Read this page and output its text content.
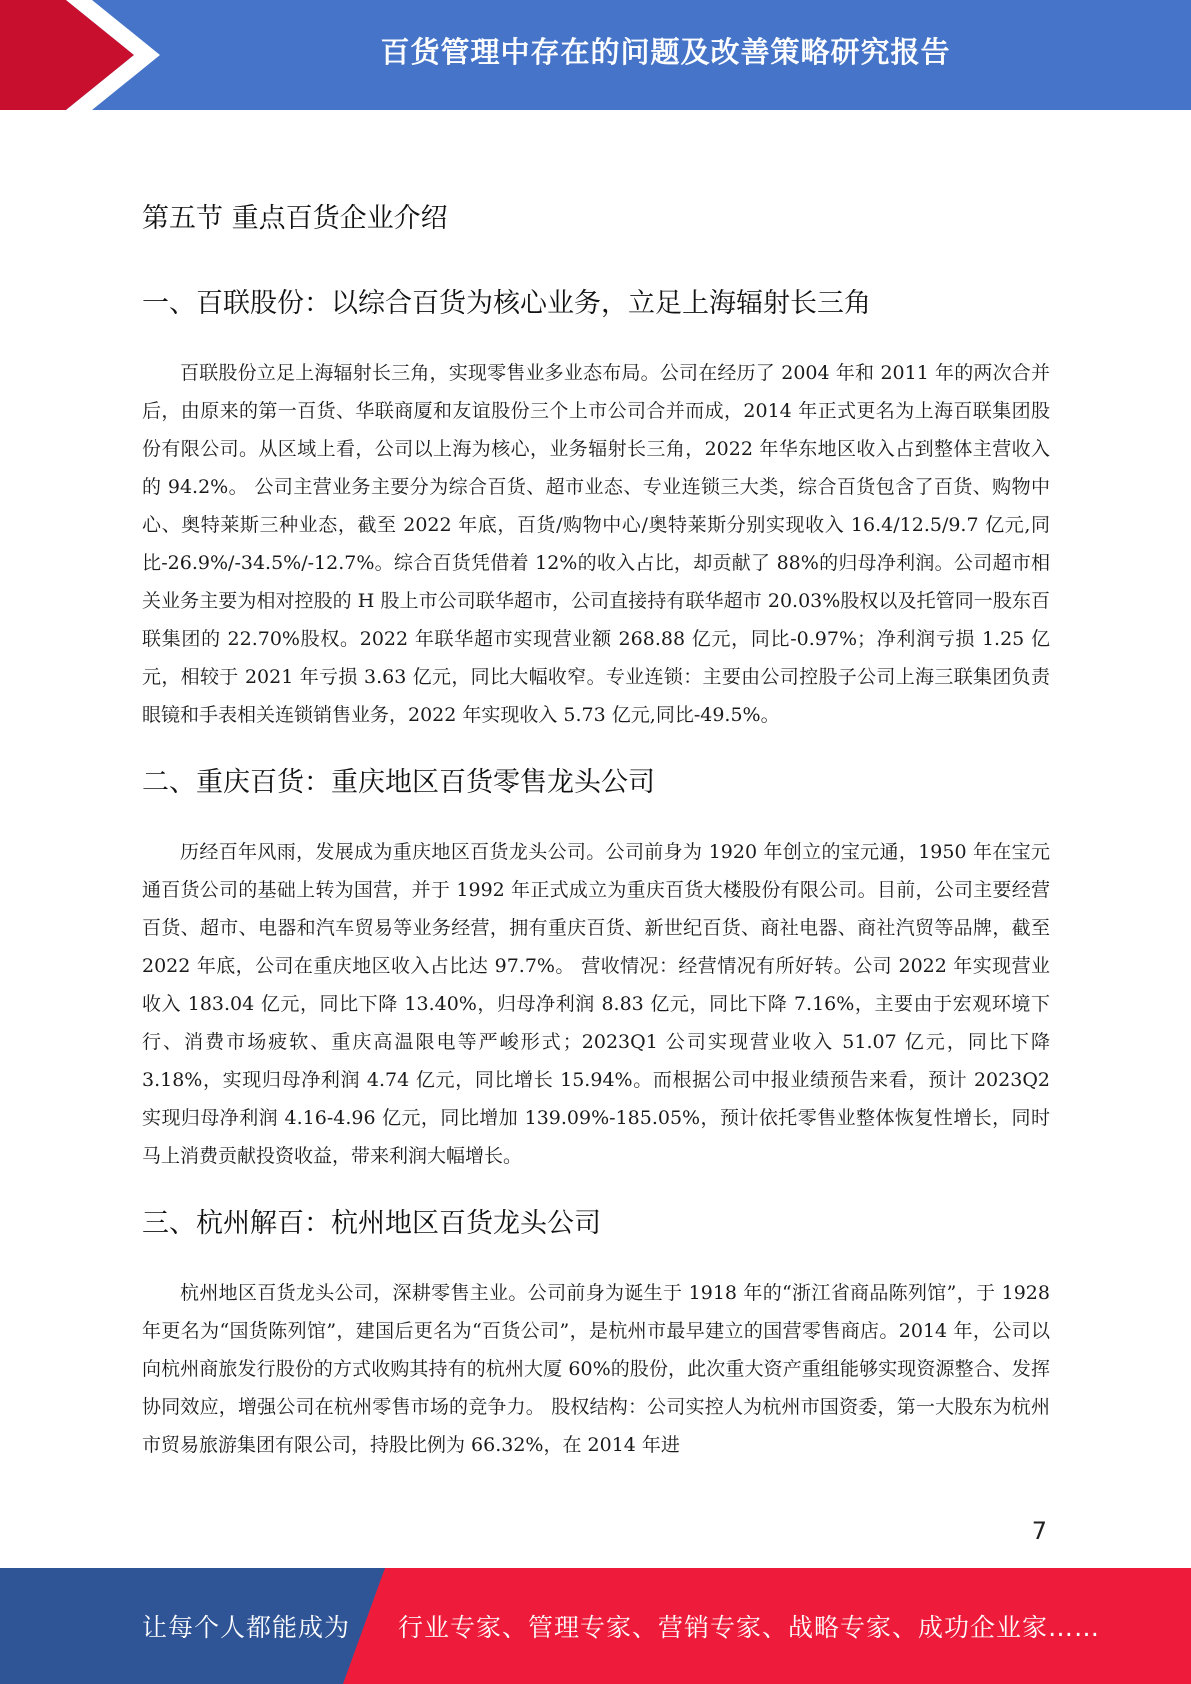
百货管理中存在的问题及改善策略研究报告
第五节 重点百货企业介绍
一、百联股份：以综合百货为核心业务，立足上海辐射长三角

百联股份立足上海辐射长三角，实现零售业多业态布局。公司在经历了 2004 年和 2011 年的两次合并后，由原来的第一百货、华联商厦和友谊股份三个上市公司合并而成，2014 年正式更名为上海百联集团股份有限公司。从区域上看，公司以上海为核心，业务辐射长三角，2022 年华东地区收入占到整体主营收入的 94.2%。 公司主营业务主要分为综合百货、超市业态、专业连锁三大类，综合百货包含了百货、购物中心、奥特莱斯三种业态，截至 2022 年底，百货/购物中心/奥特莱斯分别实现收入 16.4/12.5/9.7 亿元,同比-26.9%/-34.5%/-12.7%。综合百货凭借着 12%的收入占比，却贡献了 88%的归母净利润。公司超市相关业务主要为相对控股的 H 股上市公司联华超市，公司直接持有联华超市 20.03%股权以及托管同一股东百联集团的 22.70%股权。2022 年联华超市实现营业额 268.88 亿元，同比-0.97%；净利润亏损 1.25 亿元，相较于 2021 年亏损 3.63 亿元，同比大幅收窄。专业连锁：主要由公司控股子公司上海三联集团负责眼镜和手表相关连锁销售业务，2022 年实现收入 5.73 亿元,同比-49.5%。

二、重庆百货：重庆地区百货零售龙头公司

历经百年风雨，发展成为重庆地区百货龙头公司。公司前身为 1920 年创立的宝元通，1950 年在宝元通百货公司的基础上转为国营，并于 1992 年正式成立为重庆百货大楼股份有限公司。目前，公司主要经营百货、超市、电器和汽车贸易等业务经营，拥有重庆百货、新世纪百货、商社电器、商社汽贸等品牌，截至 2022 年底，公司在重庆地区收入占比达 97.7%。 营收情况：经营情况有所好转。公司 2022 年实现营业收入 183.04 亿元，同比下降 13.40%，归母净利润 8.83 亿元，同比下降 7.16%，主要由于宏观环境下行、消费市场疲软、重庆高温限电等严峻形式；2023Q1 公司实现营业收入 51.07 亿元，同比下降 3.18%，实现归母净利润 4.74 亿元，同比增长 15.94%。而根据公司中报业绩预告来看，预计 2023Q2 实现归母净利润 4.16-4.96 亿元，同比增加 139.09%-185.05%，预计依托零售业整体恢复性增长，同时马上消费贡献投资收益，带来利润大幅增长。

三、杭州解百：杭州地区百货龙头公司

杭州地区百货龙头公司，深耕零售主业。公司前身为诞生于 1918 年的“浙江省商品陈列馆”，于 1928 年更名为“国货陈列馆”，建国后更名为“百货公司”，是杭州市最早建立的国营零售商店。2014 年，公司以向杭州商旅发行股份的方式收购其持有的杭州大厦 60%的股份，此次重大资产重组能够实现资源整合、发挥协同效应，增强公司在杭州零售市场的竞争力。 股权结构：公司实控人为杭州市国资委，第一大股东为杭州市贸易旅游集团有限公司，持股比例为 66.32%，在 2014 年进

7
让每个人都能成为 行业专家、管理专家、营销专家、战略专家、成功企业家……
